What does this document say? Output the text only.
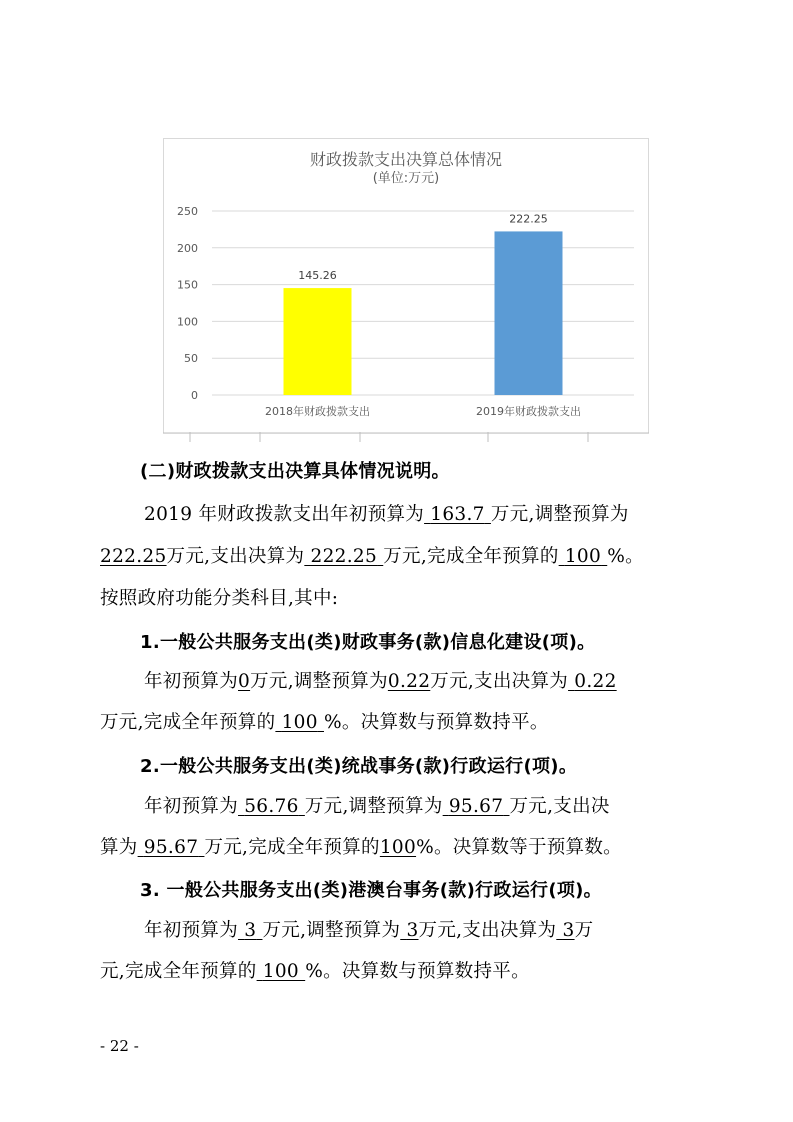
财政拨款支出决算总体情况
(单位:万元)
0
50
100
150
200
250
145.26
2018年财政拨款支出
222.25
2019年财政拨款支出
(二)财政拨款支出决算具体情况说明。
2019 年财政拨款支出年初预算为 163.7 万元,调整预算为
222.25万元,支出决算为 222.25 万元,完成全年预算的 100 %。
按照政府功能分类科目,其中:
1.一般公共服务支出(类)财政事务(款)信息化建设(项)。
年初预算为0万元,调整预算为0.22万元,支出决算为 0.22
万元,完成全年预算的 100 %。决算数与预算数持平。
2.一般公共服务支出(类)统战事务(款)行政运行(项)。
年初预算为 56.76 万元,调整预算为 95.67 万元,支出决
算为 95.67 万元,完成全年预算的100%。决算数等于预算数。
3. 一般公共服务支出(类)港澳台事务(款)行政运行(项)。
年初预算为 3 万元,调整预算为 3万元,支出决算为 3万
元,完成全年预算的 100 %。决算数与预算数持平。
- 22 -
